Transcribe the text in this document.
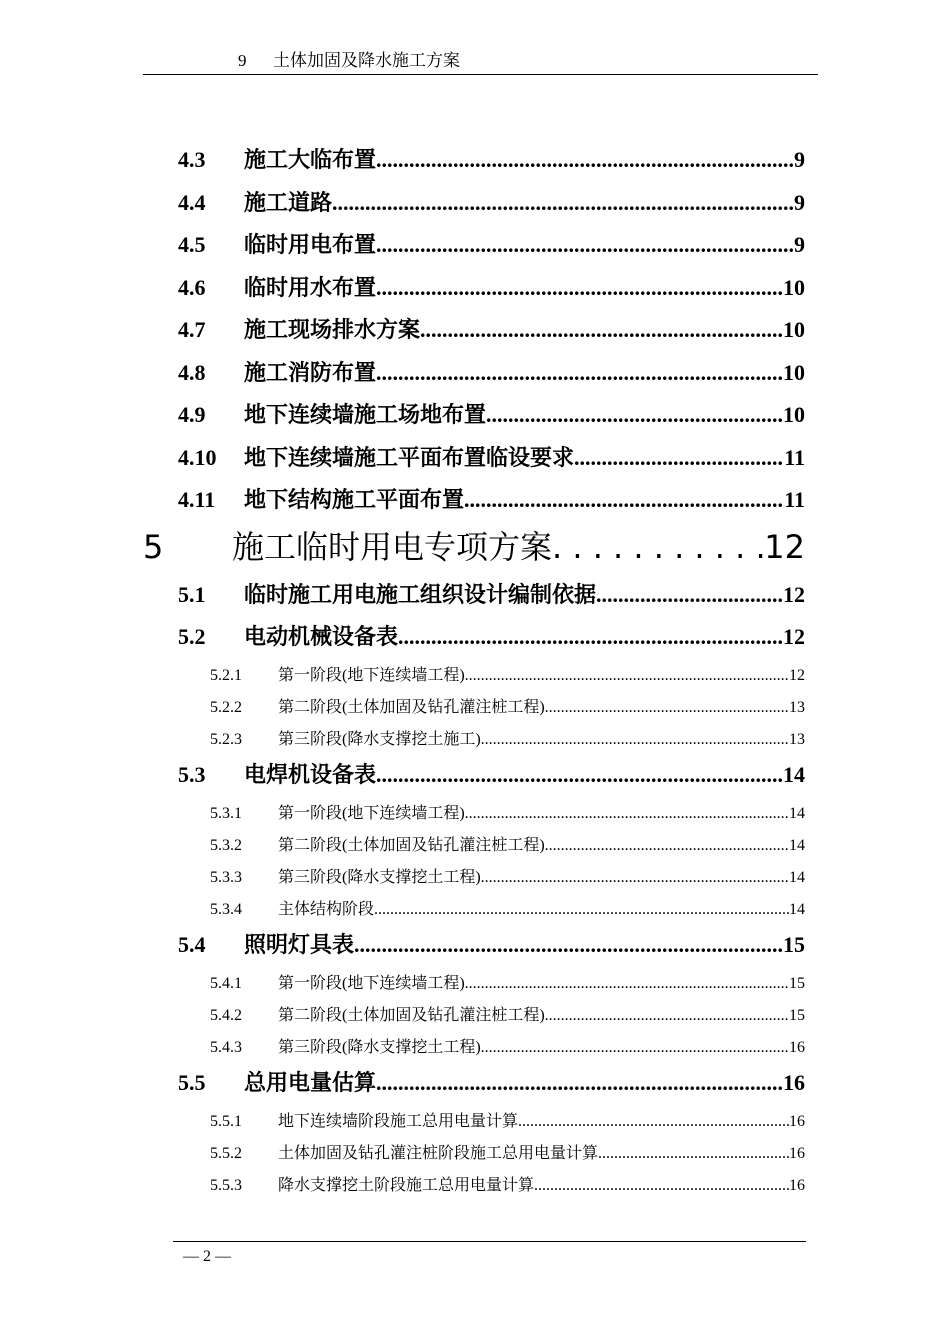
9 土体加固及降水施工方案
4.3	施工大临布置 .....	9
4.4	施工道路 .....	9
4.5	临时用电布置 .....	9
4.6	临时用水布置 .....	10
4.7	施工现场排水方案 .....	10
4.8	施工消防布置 .....	10
4.9	地下连续墙施工场地布置 .....	10
4.10	地下连续墙施工平面布置临设要求 .....	11
4.11	地下结构施工平面布置 .....	11
5	施工临时用电专项方案 . . .	12
5.1	临时施工用电施工组织设计编制依据 .....	12
5.2	电动机械设备表 .....	12
5.2.1	第一阶段(地下连续墙工程) .....	12
5.2.2	第二阶段(土体加固及钻孔灌注桩工程) .....	13
5.2.3	第三阶段(降水支撑挖土施工) .....	13
5.3	电焊机设备表 .....	14
5.3.1	第一阶段(地下连续墙工程) .....	14
5.3.2	第二阶段(土体加固及钻孔灌注桩工程) .....	14
5.3.3	第三阶段(降水支撑挖土工程) .....	14
5.3.4	主体结构阶段 .....	14
5.4	照明灯具表 .....	15
5.4.1	第一阶段(地下连续墙工程) .....	15
5.4.2	第二阶段(土体加固及钻孔灌注桩工程) .....	15
5.4.3	第三阶段(降水支撑挖土工程) .....	16
5.5	总用电量估算 .....	16
5.5.1	地下连续墙阶段施工总用电量计算 .....	16
5.5.2	土体加固及钻孔灌注桩阶段施工总用电量计算 .....	16
5.5.3	降水支撑挖土阶段施工总用电量计算 .....	16
— 2 —
